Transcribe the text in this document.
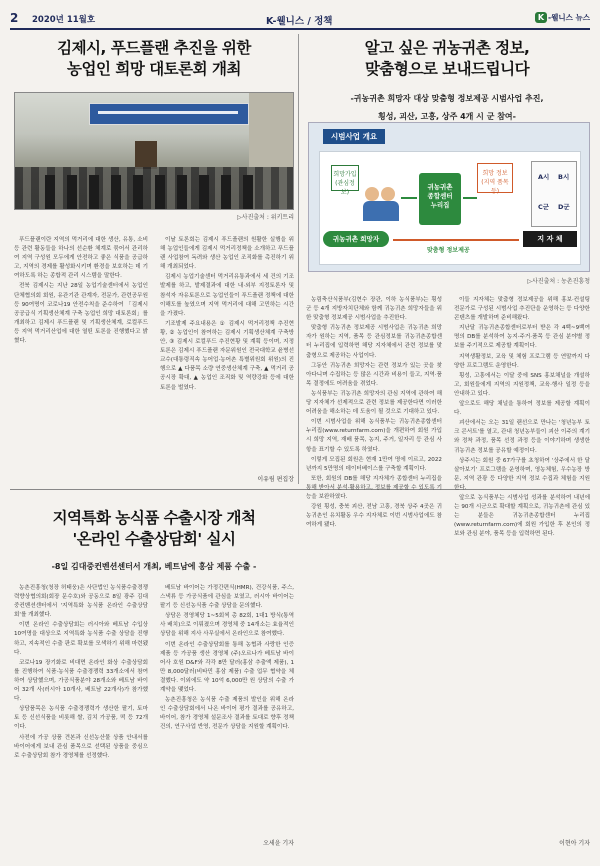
2 2020년 11월호	K-웰니스 / 정책	K -웰니스 뉴스
김제시, 푸드플랜 추진을 위한
농업인 희망 대토론회 개최
▷사진출처 : 위키트리

푸드플랜이란 지역의 먹거리에 대한 생산, 유통, 소비 등 관련 활동들을 하나의 선순환 체계로 묶어서 관리하여 지역 구성원 모두에게 안전하고 좋은 식품을 공급하고, 지역의 경제를 활성화시키며 환경을 보호하는 데 기여하도록 하는 종합적 관리 시스템을 말한다.

전북 김제시는 지난 28일 농업기술센터에서 농업인단체협의회 회원, 유관기관 관계자, 전문가, 관련공무원 등 90여명이 코로나19 안전수칙을 준수하여 「김제시 공공급식 기획생산체계 구축 농업인 희망 대토론회」를 개최하고 김제시 푸드플랜 및 기획생산체계, 로컬푸드 등 지역 먹거리산업에 대한 열띤 토론을 진행했다고 밝혔다.

이날 토론회는 김제시 푸드플랜의 원활한 실행을 위해 농업인들에게 김제시 먹거리정책을 소개하고 푸드플랜 사업참여 독려와 생산 농업인 조직화를 촉진하기 위해 개최되었다.

김제시 농업기술센터 먹거리유통과에서 세 건의 기조발제를 하고, 발제결과에 대한 내·외부 지정토론자 및 참석자 자유토론으로 농업인들이 푸드플랜 정책에 대한 이해도를 높였으며 지역 먹거리에 대해 고민하는 시간을 가졌다.

기조발제 주요내용은 ① 김제시 먹거리정책 추진현황, ② 농업인이 참여하는 김제시 기획생산체계 구축방안, ③ 김제시 로컬푸드 추진현황 및 계획 등이며, 지정토론은 김제시 푸드플랜 자문위원인 전국대학교 윤병선 교수(대통령직속 농어업·농어촌 특별위원회 위원)의 진행으로 ▲ 다품목 소량 연중생산체계 구축, ▲ 먹거리 공공시장 확대, ▲ 농업인 조직화 및 역량강화 등에 대한 토론을 벌였다.

이유림 편집장
알고 싶은 귀농귀촌 정보,
맞춤형으로 보내드립니다
-귀농귀촌 희망자 대상 맞춤형 정보제공 시범사업 추진,
횡성, 괴산, 고흥, 상주 4개 시 군 참여-
시범사업 개요
희망가입
(관심정보)
귀농귀촌
종합센터
누리집
희망 정보
(지역 품목 등)
A시 B시
C군 D군
귀농귀촌 희망자
맞춤형 정보제공
지 자 체
▷사진출처 : 농촌진흥청

농림축산식품부(김현수 장관, 이하 농식품부)는 횡성군 등 4개 지방자치단체와 함께 귀농귀촌 희망자들을 위한 맞춤형 정보제공 시범사업을 추진한다.

맞춤형 귀농귀촌 정보제공 시범사업은 귀농귀촌 희망자가 원하는 지역, 품목 등 관심정보를 귀농귀촌종합센터 누리집에 입력하면 해당 지자체에서 관련 정보를 맞춤형으로 제공하는 사업이다.

그동안 귀농귀촌 희망자는 관련 정보가 있는 곳을 찾아다니며 수집하는 등 많은 시간과 비용이 들고, 지역·품목 결정에도 어려움을 겪었다.

농식품부는 귀농귀촌 희망자의 관심 지역에 관하여 해당 지자체가 선제적으로 관련 정보를 제공한다면 이러한 어려움을 해소하는 데 도움이 될 것으로 기대하고 있다.

이번 시범사업을 위해 농식품부는 귀농귀촌종합센터 누리집(www.returnfarm.com)을 개편하여 회원 가입 시 희망 지역, 재배 품목, 농지, 주거, 일자리 등 관심 사항을 표기할 수 있도록 하였다.

이렇게 모집된 회원은 현재 1만여 명에 이르고, 2022년까지 5만명의 데이터베이스를 구축할 계획이다.

또한, 회원의 DB를 해당 지자체가 종합센터 누리집을 통해 받아서 분석·활용하고, 정보를 제공할 수 있도록 기능을 보완하였다.

강원 횡성, 충북 괴산, 전남 고흥, 경북 상주 4곳은 귀농귀촌인 유치활동 우수 지자체로 이번 시범사업에도 참여하게 됐다.

이들 지자체는 맞춤형 정보제공을 위해 홍보·컨설팅 전문가로 구성된 시범사업 추진단을 운영하는 등 다양한 콘텐츠를 개발하며 준비해왔다.

지난달 귀농귀촌종합센터로부터 받은 각 4백~9백여 명의 DB를 분석하여 농지·주거·품목 등 관심 분야별 정보를 주기적으로 제공할 계획이다.

지역생활정보, 교육 및 체험 프로그램 등 연말까지 다양한 프로그램도 운영한다.

횡성, 고흥에서는 이달 중에 SNS 홍보채널을 개설하고, 회원들에게 지역의 지원정책, 교육·행사 일정 등을 안내하고 있다.

앞으로도 해당 채널을 통하여 정보를 제공할 계획이다.

괴산에서는 오는 31일 랜선으로 만나는 '청년농부 토크 콘서트'를 열고, 관내 청년농부들이 괴산 이주의 계기와 정착 과정, 품목 선정 과정 등을 이야기하며 생생한 귀농귀촌 정보를 공유할 예정이다.

상주시는 회원 중 67가구를 초청하여 '상주에서 한 달 살아보기' 프로그램을 운영하며, 영농체험, 우수농장 방문, 지역 관광 등 다양한 지역 정보 수집과 체험을 지원한다.

앞으로 농식품부는 시범사업 성과를 분석하여 내년에는 90개 시군으로 확대할 계획으로, 귀농귀촌에 관심 있는 분들은 귀농귀촌종합센터 누리집(www.returnfarm.com)에 회원 가입한 후 본인의 정보와 관심 분야, 품목 등을 입력하면 된다.

이현아 기자
지역특화 농식품 수출시장 개척
'온라인 수출상담회' 실시
-8일 김대중컨벤션센터서 개최, 베트남에 홍삼 제품 수출 -

농촌진흥청(청장 허태웅)은 사단법인 농식품수출경쟁력향상협의회(회장 문수호)와 공동으로 8일 광주 김대중컨벤션센터에서 '지역특화 농식품 온라인 수출상담회'를 개최했다.

이번 온라인 수출상담회는 러시아와 베트남 수입상 10여명을 대상으로 지역특화 농식품 수출 상담을 진행하고, 지속적인 수출 판로 확보를 모색하기 위해 마련됐다.

코로나19 장기화로 비대면 온라인 화상 수출상담회를 진행하여 식품·농식품 수출경쟁력 33개소에서 참여하여 상담했으며, 가공식품분야 28개소와 베트남 바이어 32개 사(러시아 10개사, 베트남 22개사)가 참가했다.

상담품목은 농식품 수출경쟁력가 생산한 팥기, 토마토 등 신선식품을 비롯해 쌀, 김치 가공품, 떡 등 72개이다.

사전에 가공 상품 견본과 신선농산물 상품 안내서를 바이어에게 보내 관심 품목으로 선택된 상품을 중심으로 수출상담회 참가 경영체를 선정했다.

베트남 바이어는 가정간편식(HMR), 건강식품, 주스, 스낵류 등 가공식품에 관심을 보였고, 러시아 바이어는 팥기 등 신선농식품 수출 상담을 문의했다.

상담은 경영체당 1~5회씩 총 82회, 1대1 방식(통역사 배치)으로 이뤄졌으며 경영체 중 14개소는 효율적인 상담을 위해 지사 사무실에서 온라인으로 참여했다.

이번 온라인 수출상담회를 통해 농협과 사랑한 인증제품 등 가공품 생산 경영체 (주)오르나가 베트남 바이어사 호원 D&F와 각각 8만 달러(홍삼 추출액 제품), 1만 8,000달러(비타민 홍삼 제품) 수출 업무 협약을 체결했다. 이외에도 약 10억 6,000만 원 상담의 수출 가계약을 맺었다.

농촌진흥청은 농식품 수출 제품의 발인을 위해 온라인 수출상담회에서 나온 바이어 평가 결과를 공유하고, 바이어, 참가 경영체 설문조사 결과를 토대로 향후 정책건의, 연구사업 반영, 전문가 상담을 지원할 계획이다.

오세윤 기자
